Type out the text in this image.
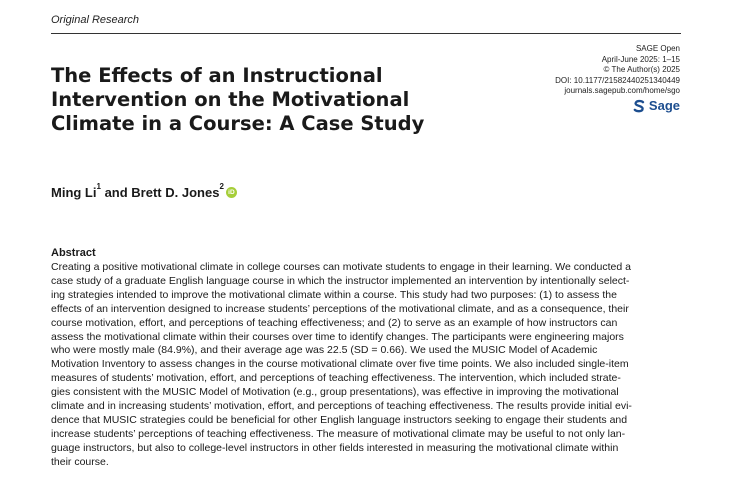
Original Research
SAGE Open
April-June 2025: 1–15
© The Author(s) 2025
DOI: 10.1177/21582440251340449
journals.sagepub.com/home/sgo
Sage
The Effects of an Instructional
Intervention on the Motivational
Climate in a Course: A Case Study
Ming Li$^1$ and Brett D. Jones$^2$
iD
Abstract
Creating a positive motivational climate in college courses can motivate students to engage in their learning. We conducted a
case study of a graduate English language course in which the instructor implemented an intervention by intentionally select-
ing strategies intended to improve the motivational climate within a course. This study had two purposes: (1) to assess the
effects of an intervention designed to increase students’ perceptions of the motivational climate, and as a consequence, their
course motivation, effort, and perceptions of teaching effectiveness; and (2) to serve as an example of how instructors can
assess the motivational climate within their courses over time to identify changes. The participants were engineering majors
who were mostly male (84.9%), and their average age was 22.5 (SD = 0.66). We used the MUSIC Model of Academic
Motivation Inventory to assess changes in the course motivational climate over five time points. We also included single-item
measures of students’ motivation, effort, and perceptions of teaching effectiveness. The intervention, which included strate-
gies consistent with the MUSIC Model of Motivation (e.g., group presentations), was effective in improving the motivational
climate and in increasing students’ motivation, effort, and perceptions of teaching effectiveness. The results provide initial evi-
dence that MUSIC strategies could be beneficial for other English language instructors seeking to engage their students and
increase students’ perceptions of teaching effectiveness. The measure of motivational climate may be useful to not only lan-
guage instructors, but also to college-level instructors in other fields interested in measuring the motivational climate within
their course.
